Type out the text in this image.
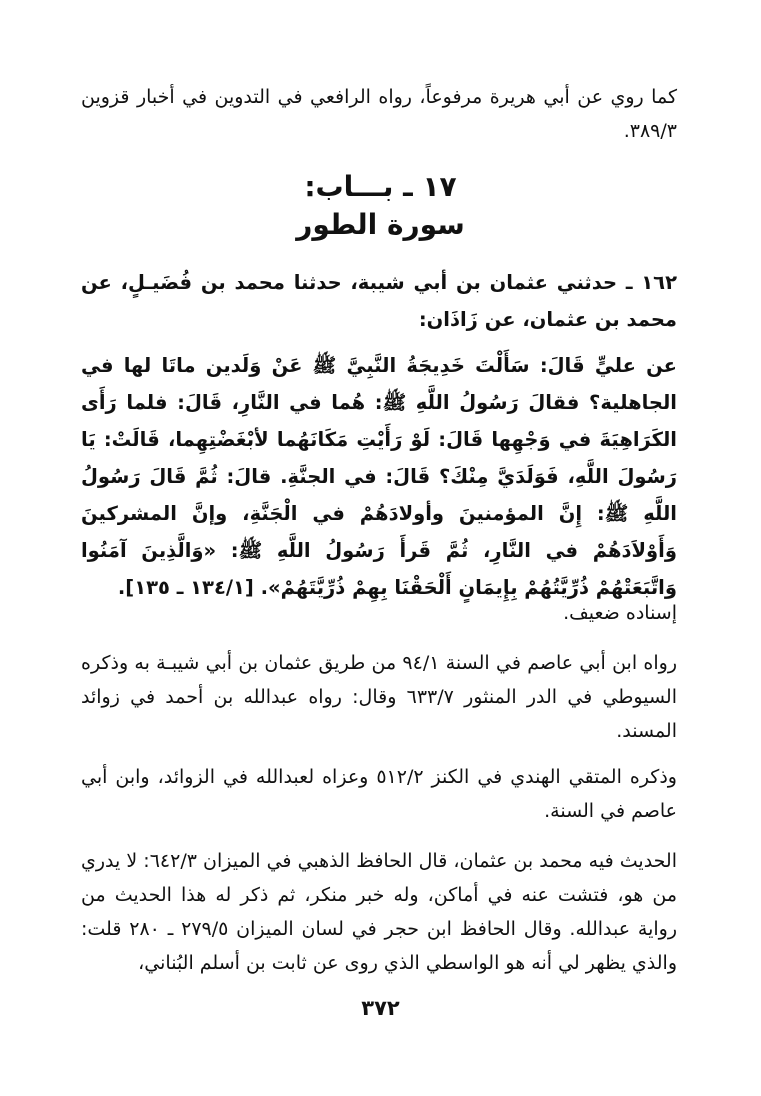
كما روي عن أبي هريرة مرفوعاً، رواه الرافعي في التدوين في أخبار قزوين ٣٨٩/٣.
١٧ ـ بـــاب:
سورة الطور
١٦٢ ـ حدثني عثمان بن أبي شيبة، حدثنا محمد بن فُضَيـلٍ، عن محمد بن عثمان، عن زَاذَان:
عن عليٍّ قَالَ: سَأَلْتَ خَدِيجَةُ النَّبِيَّ ﷺ عَنْ وَلَدين ماتَا لها في الجاهلية؟ فقالَ رَسُولُ اللَّهِ ﷺ: هُما في النَّارِ، قَالَ: فلما رَأَى الكَرَاهِيَةَ في وَجْهِها قَالَ: لَوْ رَأَيْتِ مَكَانَهُما لأبْغَضْتِهِما، قَالَتْ: يَا رَسُولَ اللَّهِ، فَوَلَدَيَّ مِنْكَ؟ قَالَ: في الجنَّةِ. قالَ: ثُمَّ قَالَ رَسُولُ اللَّهِ ﷺ: إِنَّ المؤمنينَ وأولادَهُمْ في الْجَنَّةِ، وإنَّ المشركينَ وَأَوْلاَدَهُمْ في النَّارِ، ثُمَّ قَرأَ رَسُولُ اللَّهِ ﷺ: «وَالَّذِينَ آمَنُوا وَاتَّبَعَتْهُمْ ذُرِّيَّتُهُمْ بِإِيمَانٍ أَلْحَقْنَا بِهِمْ ذُرِّيَّتَهُمْ». [١٣٤/١ ـ ١٣٥].
إسناده ضعيف.
رواه ابن أبي عاصم في السنة ٩٤/١ من طريق عثمان بن أبي شيبـة به وذكره السيوطي في الدر المنثور ٦٣٣/٧ وقال: رواه عبدالله بن أحمد في زوائد المسند.
وذكره المتقي الهندي في الكنز ٥١٢/٢ وعزاه لعبدالله في الزوائد، وابن أبي عاصم في السنة.
الحديث فيه محمد بن عثمان، قال الحافظ الذهبي في الميزان ٦٤٢/٣: لا يدري من هو، فتشت عنه في أماكن، وله خبر منكر، ثم ذكر له هذا الحديث من رواية عبدالله. وقال الحافظ ابن حجر في لسان الميزان ٢٧٩/٥ ـ ٢٨٠ قلت: والذي يظهر لي أنه هو الواسطي الذي روى عن ثابت بن أسلم البُناني،
٣٧٢
